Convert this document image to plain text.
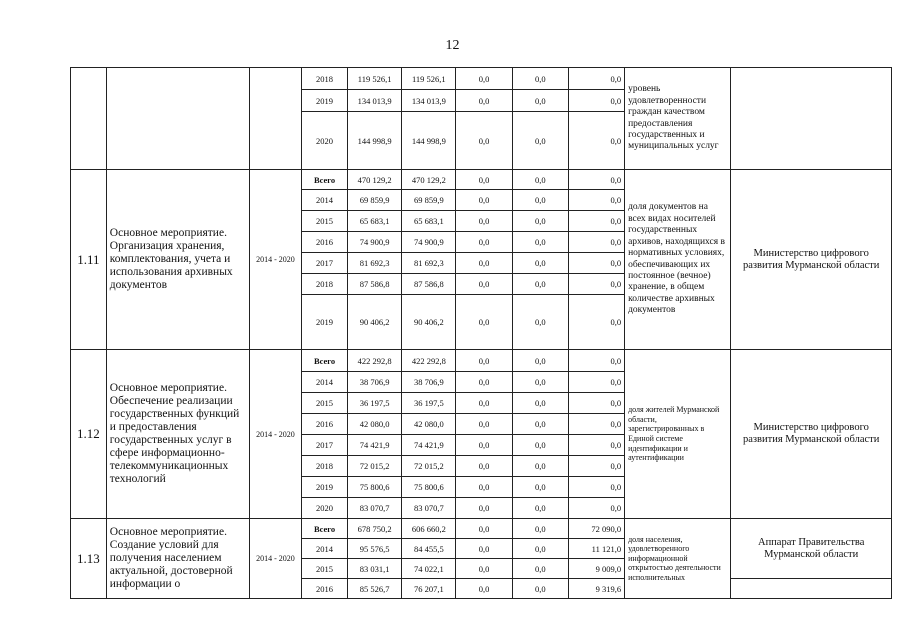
12
			2018	119 526,1	119 526,1	0,0	0,0	0,0	уровень удовлетворенности граждан качеством предоставления государственных и муниципальных услуг	
			2019	134 013,9	134 013,9	0,0	0,0	0,0		
			2020	144 998,9	144 998,9	0,0	0,0	0,0		
1.11	Основное мероприятие. Организация хранения, комплектования, учета и использования архивных документов	2014 - 2020	Всего	470 129,2	470 129,2	0,0	0,0	0,0	доля документов на всех видах носителей государственных архивов, находящихся в нормативных условиях, обеспечивающих их постоянное (вечное) хранение, в общем количестве архивных документов	Министерство цифрового развития Мурманской области
			2014	69 859,9	69 859,9	0,0	0,0	0,0		
			2015	65 683,1	65 683,1	0,0	0,0	0,0		
			2016	74 900,9	74 900,9	0,0	0,0	0,0		
			2017	81 692,3	81 692,3	0,0	0,0	0,0		
			2018	87 586,8	87 586,8	0,0	0,0	0,0		
			2019	90 406,2	90 406,2	0,0	0,0	0,0		
1.12	Основное мероприятие. Обеспечение реализации государственных функций и предоставления государственных услуг в сфере информационно-телекоммуникационных технологий	2014 - 2020	Всего	422 292,8	422 292,8	0,0	0,0	0,0	доля жителей Мурманской области, зарегистрированных в Единой системе идентификации и аутентификации	Министерство цифрового развития Мурманской области
			2014	38 706,9	38 706,9	0,0	0,0	0,0		
			2015	36 197,5	36 197,5	0,0	0,0	0,0		
			2016	42 080,0	42 080,0	0,0	0,0	0,0		
			2017	74 421,9	74 421,9	0,0	0,0	0,0		
			2018	72 015,2	72 015,2	0,0	0,0	0,0		
			2019	75 800,6	75 800,6	0,0	0,0	0,0		
			2020	83 070,7	83 070,7	0,0	0,0	0,0		
1.13	Основное мероприятие. Создание условий для получения населением актуальной, достоверной информации о	2014 - 2020	Всего	678 750,2	606 660,2	0,0	0,0	72 090,0	доля населения, удовлетворенного информационной открытостью деятельности исполнительных	Аппарат Правительства Мурманской области
			2014	95 576,5	84 455,5	0,0	0,0	11 121,0		
			2015	83 031,1	74 022,1	0,0	0,0	9 009,0		
			2016	85 526,7	76 207,1	0,0	0,0	9 319,6		
